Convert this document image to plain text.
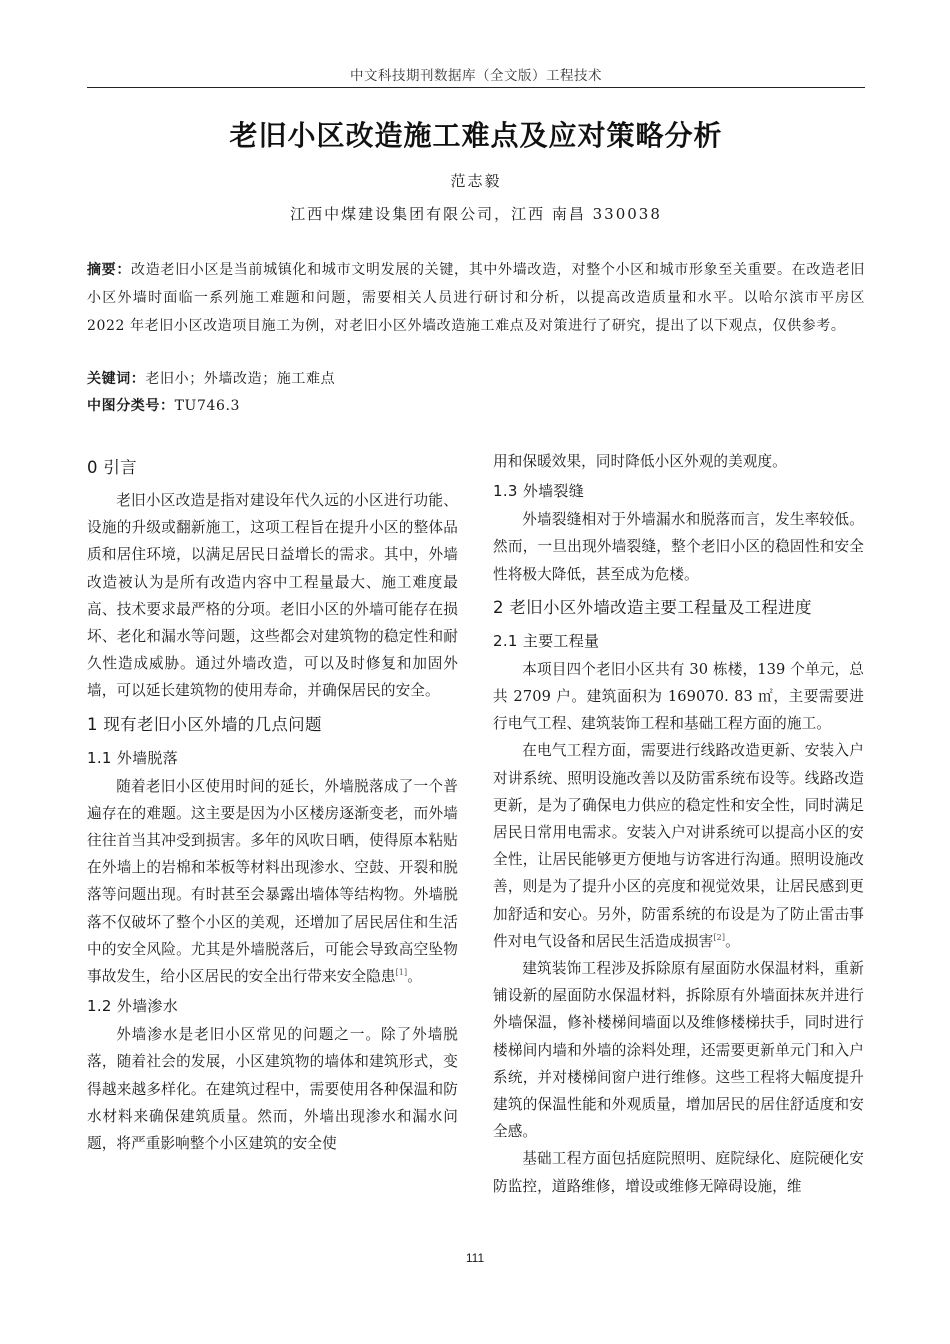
中文科技期刊数据库（全文版）工程技术
老旧小区改造施工难点及应对策略分析
范志毅
江西中煤建设集团有限公司，江西 南昌 330038
摘要：改造老旧小区是当前城镇化和城市文明发展的关键，其中外墙改造，对整个小区和城市形象至关重要。在改造老旧小区外墙时面临一系列施工难题和问题，需要相关人员进行研讨和分析，以提高改造质量和水平。以哈尔滨市平房区 2022 年老旧小区改造项目施工为例，对老旧小区外墙改造施工难点及对策进行了研究，提出了以下观点，仅供参考。
关键词：老旧小；外墙改造；施工难点
中图分类号：TU746.3
0 引言

老旧小区改造是指对建设年代久远的小区进行功能、设施的升级或翻新施工，这项工程旨在提升小区的整体品质和居住环境，以满足居民日益增长的需求。其中，外墙改造被认为是所有改造内容中工程量最大、施工难度最高、技术要求最严格的分项。老旧小区的外墙可能存在损坏、老化和漏水等问题，这些都会对建筑物的稳定性和耐久性造成威胁。通过外墙改造，可以及时修复和加固外墙，可以延长建筑物的使用寿命，并确保居民的安全。

1 现有老旧小区外墙的几点问题
1.1 外墙脱落

随着老旧小区使用时间的延长，外墙脱落成了一个普遍存在的难题。这主要是因为小区楼房逐渐变老，而外墙往往首当其冲受到损害。多年的风吹日晒，使得原本粘贴在外墙上的岩棉和苯板等材料出现渗水、空鼓、开裂和脱落等问题出现。有时甚至会暴露出墙体等结构物。外墙脱落不仅破坏了整个小区的美观，还增加了居民居住和生活中的安全风险。尤其是外墙脱落后，可能会导致高空坠物事故发生，给小区居民的安全出行带来安全隐患[1]。

1.2 外墙渗水

外墙渗水是老旧小区常见的问题之一。除了外墙脱落，随着社会的发展，小区建筑物的墙体和建筑形式，变得越来越多样化。在建筑过程中，需要使用各种保温和防水材料来确保建筑质量。然而，外墙出现渗水和漏水问题，将严重影响整个小区建筑的安全使

用和保暖效果，同时降低小区外观的美观度。

1.3 外墙裂缝

外墙裂缝相对于外墙漏水和脱落而言，发生率较低。然而，一旦出现外墙裂缝，整个老旧小区的稳固性和安全性将极大降低，甚至成为危楼。

2 老旧小区外墙改造主要工程量及工程进度
2.1 主要工程量

本项目四个老旧小区共有 30 栋楼，139 个单元，总共 2709 户。建筑面积为 169070. 83 ㎡，主要需要进行电气工程、建筑装饰工程和基础工程方面的施工。

在电气工程方面，需要进行线路改造更新、安装入户对讲系统、照明设施改善以及防雷系统布设等。线路改造更新，是为了确保电力供应的稳定性和安全性，同时满足居民日常用电需求。安装入户对讲系统可以提高小区的安全性，让居民能够更方便地与访客进行沟通。照明设施改善，则是为了提升小区的亮度和视觉效果，让居民感到更加舒适和安心。另外，防雷系统的布设是为了防止雷击事件对电气设备和居民生活造成损害[2]。

建筑装饰工程涉及拆除原有屋面防水保温材料，重新铺设新的屋面防水保温材料，拆除原有外墙面抹灰并进行外墙保温，修补楼梯间墙面以及维修楼梯扶手，同时进行楼梯间内墙和外墙的涂料处理，还需要更新单元门和入户系统，并对楼梯间窗户进行维修。这些工程将大幅度提升建筑的保温性能和外观质量，增加居民的居住舒适度和安全感。

基础工程方面包括庭院照明、庭院绿化、庭院硬化安防监控，道路维修，增设或维修无障碍设施，维

111
